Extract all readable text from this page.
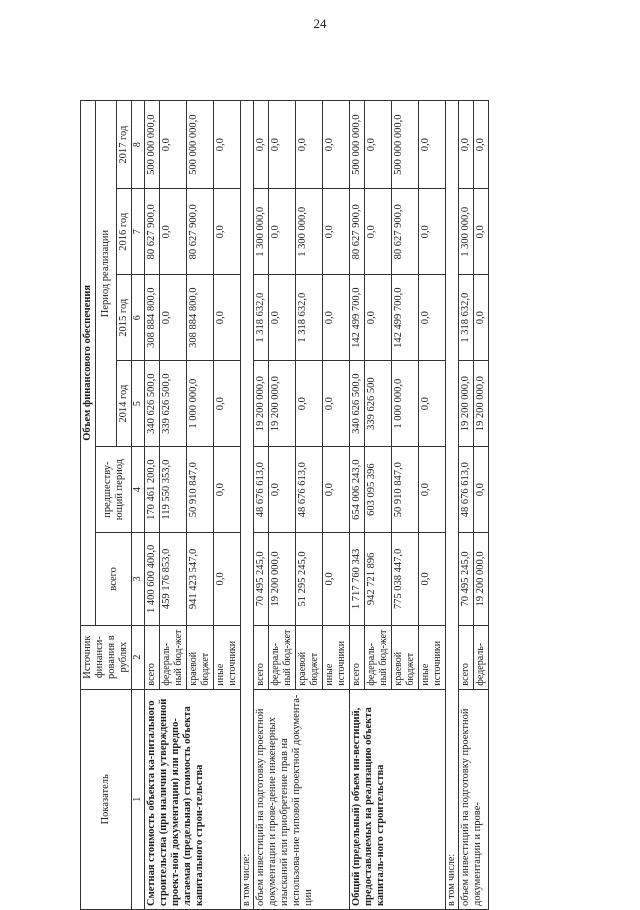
24
Показатель	Источник финанси-рования в рублях	Объем финансового обеспечения					
		всего	предшеству-ющий период	Период реализации			
				2014 год	2015 год	2016 год	2017 год
1	2	3	4	5	6	7	8
Сметная стоимость объекта ка-питального строительства (при наличии утвержденной проект-ной документации) или предпо-лагаемая (предельная) стоимость объекта капитального строи-тельства	всего	1 400 600 400,0	170 461 200,0	340 626 500,0	308 884 800,0	80 627 900,0	500 000 000,0
	федераль-ный бюд-жет	459 176 853,0	119 550 353,0	339 626 500,0	0,0	0,0	0,0
	краевой бюджет	941 423 547,0	50 910 847,0	1 000 000,0	308 884 800,0	80 627 900,0	500 000 000,0
	иные источники	0,0	0,0	0,0	0,0	0,0	0,0
в том числе:							
объем инвестиций на подготовку проектной документации и прове-дение инженерных изысканий или приобретение прав на использова-ние типовой проектной документа-ции	всего	70 495 245,0	48 676 613,0	19 200 000,0	1 318 632,0	1 300 000,0	0,0
	федераль-ный бюд-жет	19 200 000,0	0,0	19 200 000,0	0,0	0,0	0,0
	краевой бюджет	51 295 245,0	48 676 613,0	0,0	1 318 632,0	1 300 000,0	0,0
	иные источники	0,0	0,0	0,0	0,0	0,0	0,0
Общий (предельный) объем ин-вестиций, предоставляемых на реализацию объекта капиталь-ного строительства	всего	1 717 760 343	654 006 243,0	340 626 500,0	142 499 700,0	80 627 900,0	500 000 000,0
	федераль-ный бюд-жет	942 721 896	603 095 396	339 626 500	0,0	0,0	0,0
	краевой бюджет	775 038 447,0	50 910 847,0	1 000 000,0	142 499 700,0	80 627 900,0	500 000 000,0
	иные источники	0,0	0,0	0,0	0,0	0,0	0,0
в том числе:							
объем инвестиций на подготовку проектной документации и прове-	всего	70 495 245,0	48 676 613,0	19 200 000,0	1 318 632,0	1 300 000,0	0,0
	федераль-	19 200 000,0	0,0	19 200 000,0	0,0	0,0	0,0
